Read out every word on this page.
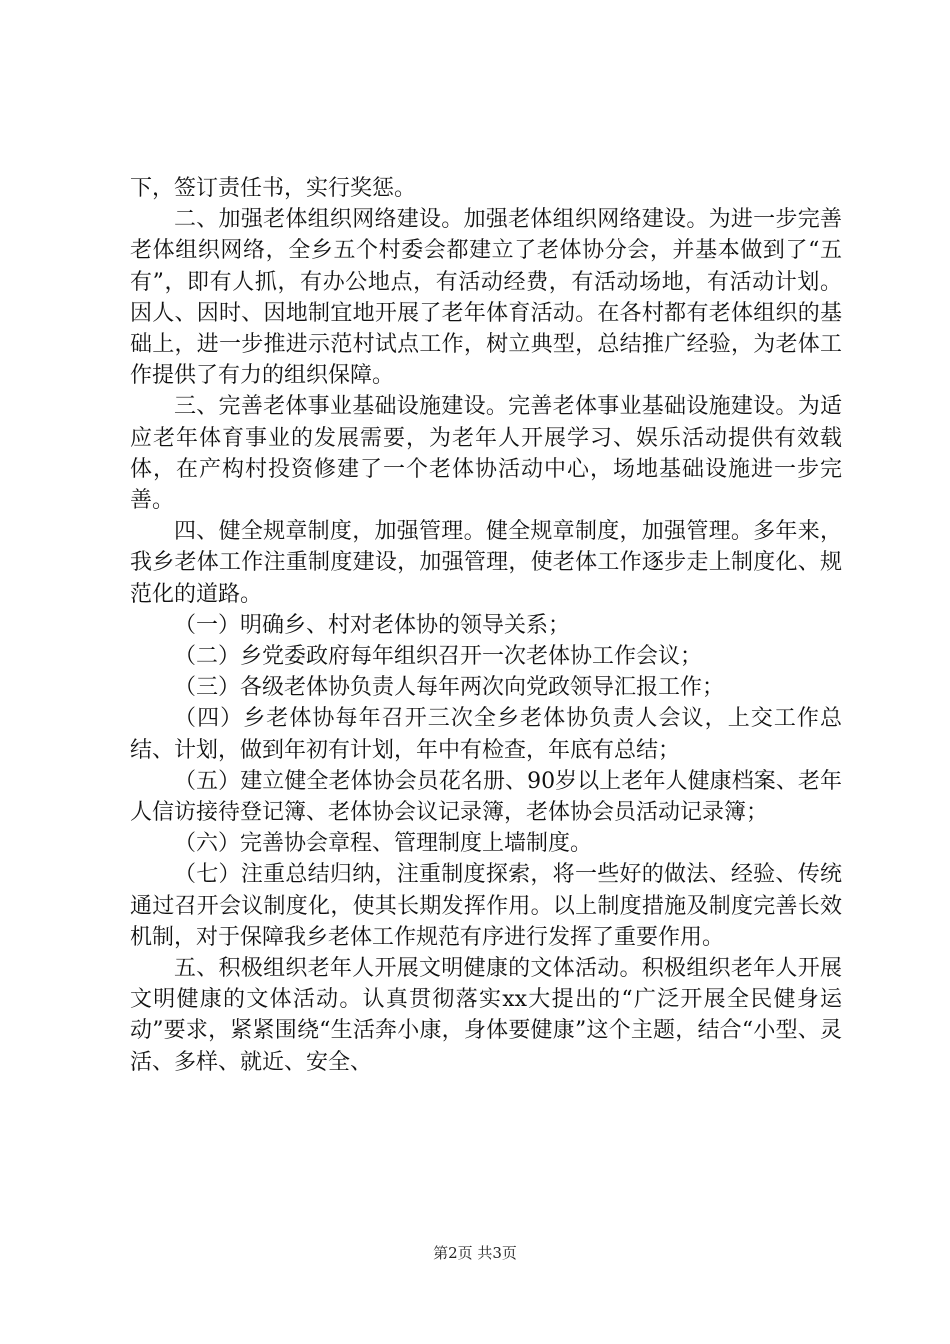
下，签订责任书，实行奖惩。

二、加强老体组织网络建设。加强老体组织网络建设。为进一步完善老体组织网络，全乡五个村委会都建立了老体协分会，并基本做到了“五有”，即有人抓，有办公地点，有活动经费，有活动场地，有活动计划。因人、因时、因地制宜地开展了老年体育活动。在各村都有老体组织的基础上，进一步推进示范村试点工作，树立典型，总结推广经验，为老体工作提供了有力的组织保障。

三、完善老体事业基础设施建设。完善老体事业基础设施建设。为适应老年体育事业的发展需要，为老年人开展学习、娱乐活动提供有效载体，在产构村投资修建了一个老体协活动中心，场地基础设施进一步完善。

四、健全规章制度，加强管理。健全规章制度，加强管理。多年来，我乡老体工作注重制度建设，加强管理，使老体工作逐步走上制度化、规范化的道路。

（一）明确乡、村对老体协的领导关系；

（二）乡党委政府每年组织召开一次老体协工作会议；

（三）各级老体协负责人每年两次向党政领导汇报工作；

（四）乡老体协每年召开三次全乡老体协负责人会议，上交工作总结、计划，做到年初有计划，年中有检查，年底有总结；

（五）建立健全老体协会员花名册、90岁以上老年人健康档案、老年人信访接待登记簿、老体协会议记录簿，老体协会员活动记录簿；

（六）完善协会章程、管理制度上墙制度。

（七）注重总结归纳，注重制度探索，将一些好的做法、经验、传统通过召开会议制度化，使其长期发挥作用。以上制度措施及制度完善长效机制，对于保障我乡老体工作规范有序进行发挥了重要作用。

五、积极组织老年人开展文明健康的文体活动。积极组织老年人开展文明健康的文体活动。认真贯彻落实xx大提出的“广泛开展全民健身运动”要求，紧紧围绕“生活奔小康，身体要健康”这个主题，结合“小型、灵活、多样、就近、安全、

第2页 共3页
